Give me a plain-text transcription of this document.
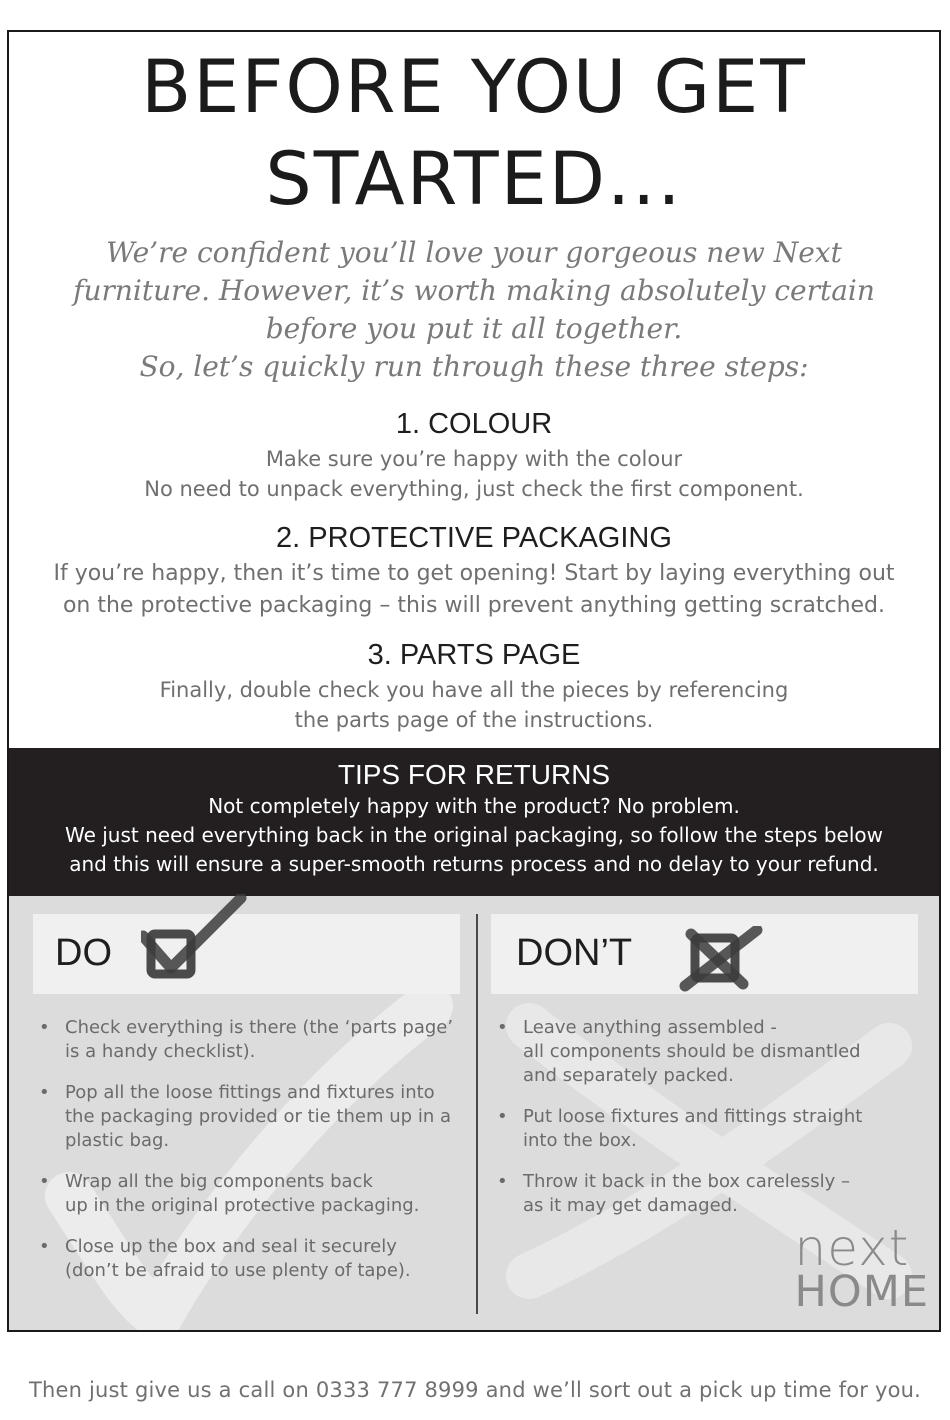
BEFORE YOU GET
STARTED...

We’re confident you’ll love your gorgeous new Next
furniture. However, it’s worth making absolutely certain
before you put it all together.
So, let’s quickly run through these three steps:

1. COLOUR

Make sure you’re happy with the colour
No need to unpack everything, just check the first component.

2. PROTECTIVE PACKAGING

If you’re happy, then it’s time to get opening! Start by laying everything out
on the protective packaging – this will prevent anything getting scratched.

3. PARTS PAGE

Finally, double check you have all the pieces by referencing
the parts page of the instructions.

TIPS FOR RETURNS

Not completely happy with the product? No problem.

We just need everything back in the original packaging, so follow the steps below
and this will ensure a super-smooth returns process and no delay to your refund.

DO
• Check everything is there (the ‘parts page’
is a handy checklist).
• Pop all the loose fittings and fixtures into
the packaging provided or tie them up in a
plastic bag.
• Wrap all the big components back
up in the original protective packaging.
• Close up the box and seal it securely
(don’t be afraid to use plenty of tape).
DON’T
• Leave anything assembled -
all components should be dismantled
and separately packed.
• Put loose fixtures and fittings straight
into the box.
• Throw it back in the box carelessly –
as it may get damaged.
next
HOME

Then just give us a call on 0333 777 8999 and we’ll sort out a pick up time for you.
